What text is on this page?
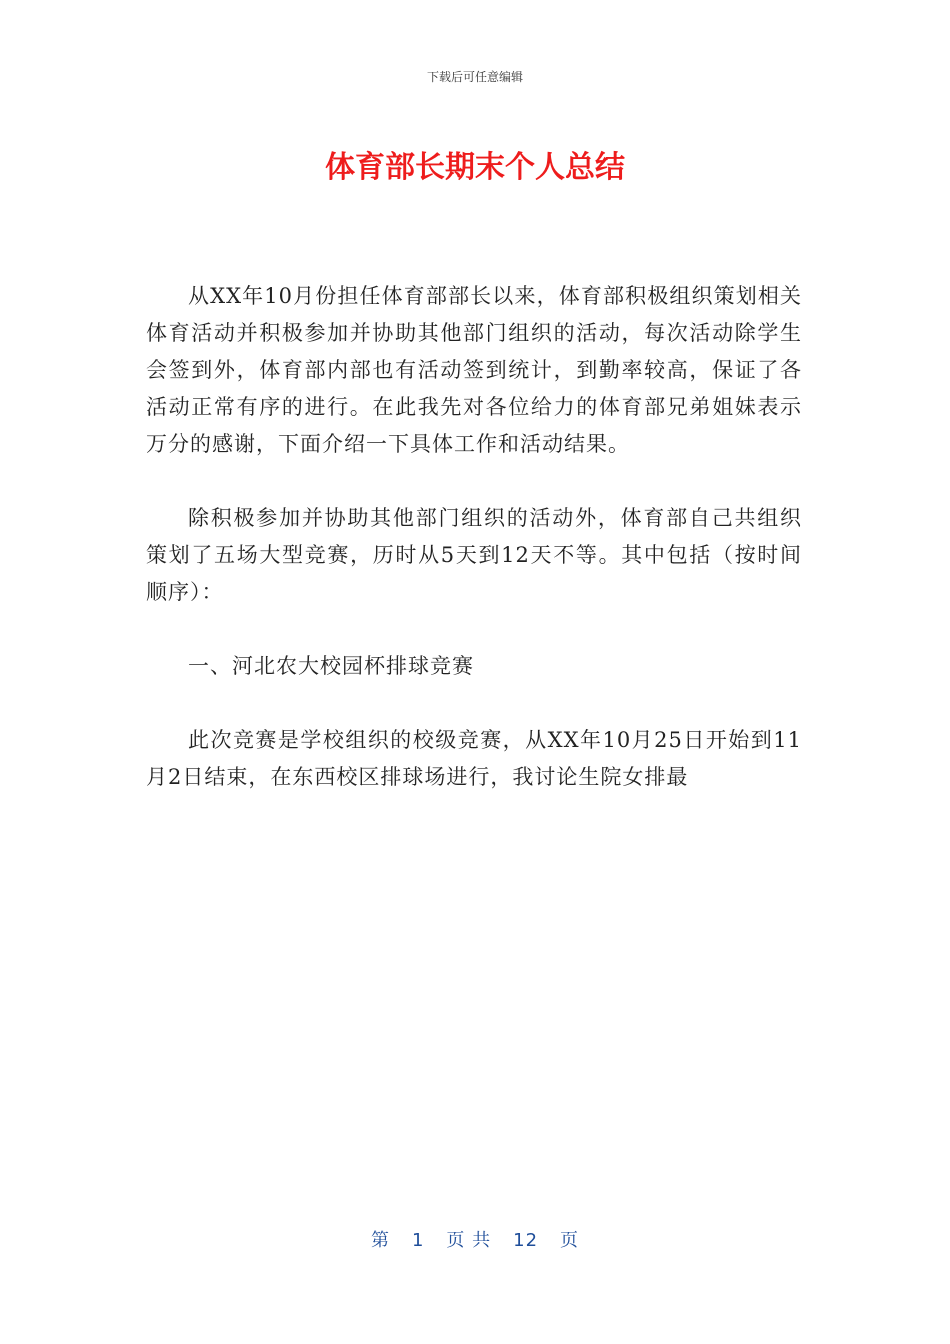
下载后可任意编辑
体育部长期末个人总结

从XX年10月份担任体育部部长以来，体育部积极组织策划相关体育活动并积极参加并协助其他部门组织的活动，每次活动除学生会签到外，体育部内部也有活动签到统计，到勤率较高，保证了各活动正常有序的进行。在此我先对各位给力的体育部兄弟姐妹表示万分的感谢，下面介绍一下具体工作和活动结果。

除积极参加并协助其他部门组织的活动外，体育部自己共组织策划了五场大型竞赛，历时从5天到12天不等。其中包括（按时间顺序）：

一、河北农大校园杯排球竞赛

此次竞赛是学校组织的校级竞赛，从XX年10月25日开始到11月2日结束，在东西校区排球场进行，我讨论生院女排最

第 1 页 共 12 页
